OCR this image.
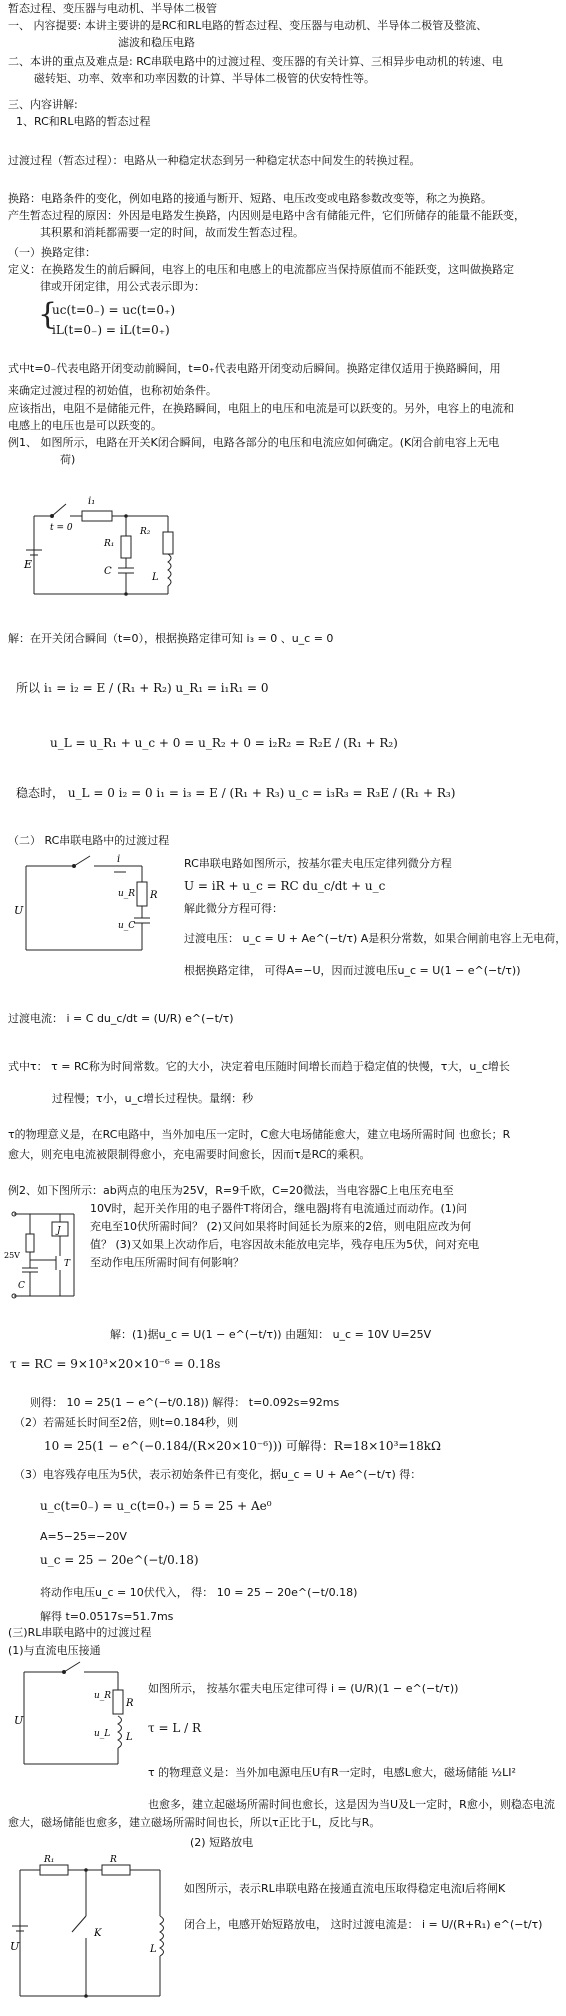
暂态过程、变压器与电动机、半导体二极管
一、 内容提要: 本讲主要讲的是RC和RL电路的暂态过程、变压器与电动机、半导体二极管及整流、
滤波和稳压电路
二、本讲的重点及难点是: RC串联电路中的过渡过程、变压器的有关计算、三相异步电动机的转速、电
磁转矩、功率、效率和功率因数的计算、半导体二极管的伏安特性等。
三、内容讲解:
1、RC和RL电路的暂态过程
过渡过程（暂态过程）：电路从一种稳定状态到另一种稳定状态中间发生的转换过程。
换路：电路条件的变化，例如电路的接通与断开、短路、电压改变或电路参数改变等，称之为换路。
产生暂态过程的原因：外因是电路发生换路，内因则是电路中含有储能元件，它们所储存的能量不能跃变，
其积累和消耗都需要一定的时间，故而发生暂态过程。
（一）换路定律：
定义：在换路发生的前后瞬间，电容上的电压和电感上的电流都应当保持原值而不能跃变，这叫做换路定
律或开闭定律，用公式表示即为：
{
uc(t=0₋) = uc(t=0₊)
iL(t=0₋) = iL(t=0₊)
式中t=0₋代表电路开闭变动前瞬间，t=0₊代表电路开闭变动后瞬间。换路定律仅适用于换路瞬间，用
来确定过渡过程的初始值，也称初始条件。
应该指出，电阻不是储能元件，在换路瞬间，电阻上的电压和电流是可以跃变的。另外，电容上的电流和
电感上的电压也是可以跃变的。
例1、 如图所示，电路在开关K闭合瞬间，电路各部分的电压和电流应如何确定。(K闭合前电容上无电
荷)
E
t = 0
i₁
R₁
C
R₂
L
解：在开关闭合瞬间（t=0），根据换路定律可知 i₃ = 0 、u_c = 0
所以 i₁ = i₂ = E / (R₁ + R₂) u_R₁ = i₁R₁ = 0
u_L = u_R₁ + u_c + 0 = u_R₂ + 0 = i₂R₂ = R₂E / (R₁ + R₂)
稳态时， u_L = 0 i₂ = 0 i₁ = i₃ = E / (R₁ + R₃) u_c = i₃R₃ = R₃E / (R₁ + R₃)
（二） RC串联电路中的过渡过程
U
i
u_R
u_C
R
RC串联电路如图所示，按基尔霍夫电压定律列微分方程
U = iR + u_c = RC du_c/dt + u_c
解此微分方程可得：
过渡电压： u_c = U + Ae^(−t/τ) A是积分常数，如果合闸前电容上无电荷，
根据换路定律， 可得A=−U，因而过渡电压u_c = U(1 − e^(−t/τ))
过渡电流： i = C du_c/dt = (U/R) e^(−t/τ)
式中τ： τ = RC称为时间常数。它的大小，决定着电压随时间增长而趋于稳定值的快慢，τ大，u_c增长
过程慢；τ小，u_c增长过程快。量纲：秒
τ的物理意义是，在RC电路中，当外加电压一定时，C愈大电场储能愈大，建立电场所需时间 也愈长；R
愈大，则充电电流被限制得愈小，充电需要时间愈长，因而τ是RC的乘积。
例2、如下图所示：ab两点的电压为25V，R=9千欧，C=20微法，当电容器C上电压充电至
10V时，起开关作用的电子器件T将闭合，继电器J将有电流通过而动作。(1)问
充电至10伏所需时间？ (2)又问如果将时间延长为原来的2倍，则电阻应改为何
值？ (3)又如果上次动作后，电容因故未能放电完毕，残存电压为5伏，问对充电
至动作电压所需时间有何影响？
25V
J
T
C
解：(1)据u_c = U(1 − e^(−t/τ)) 由题知： u_c = 10V U=25V
τ = RC = 9×10³×20×10⁻⁶ = 0.18s
则得： 10 = 25(1 − e^(−t/0.18)) 解得： t=0.092s=92ms
（2）若需延长时间至2倍，则t=0.184秒，则
10 = 25(1 − e^(−0.184/(R×20×10⁻⁶))) 可解得：R=18×10³=18kΩ
（3）电容残存电压为5伏，表示初始条件已有变化，据u_c = U + Ae^(−t/τ) 得：
u_c(t=0₋) = u_c(t=0₊) = 5 = 25 + Ae⁰
A=5−25=−20V
u_c = 25 − 20e^(−t/0.18)
将动作电压u_c = 10伏代入， 得： 10 = 25 − 20e^(−t/0.18)
解得 t=0.0517s=51.7ms
(三)RL串联电路中的过渡过程
(1)与直流电压接通
U
u_R
u_L
R
L
如图所示， 按基尔霍夫电压定律可得 i = (U/R)(1 − e^(−t/τ))
τ = L / R
τ 的物理意义是：当外加电源电压U有R一定时，电感L愈大，磁场储能 ½LI²
也愈多，建立起磁场所需时间也愈长，这是因为当U及L一定时，R愈小，则稳态电流
愈大，磁场储能也愈多，建立磁场所需时间也长，所以τ正比于L，反比与R。
(2) 短路放电
R₁	R
U
K
L
如图所示，表示RL串联电路在接通直流电压取得稳定电流I后将闸K
闭合上，电感开始短路放电， 这时过渡电流是： i = U/(R+R₁) e^(−t/τ)
